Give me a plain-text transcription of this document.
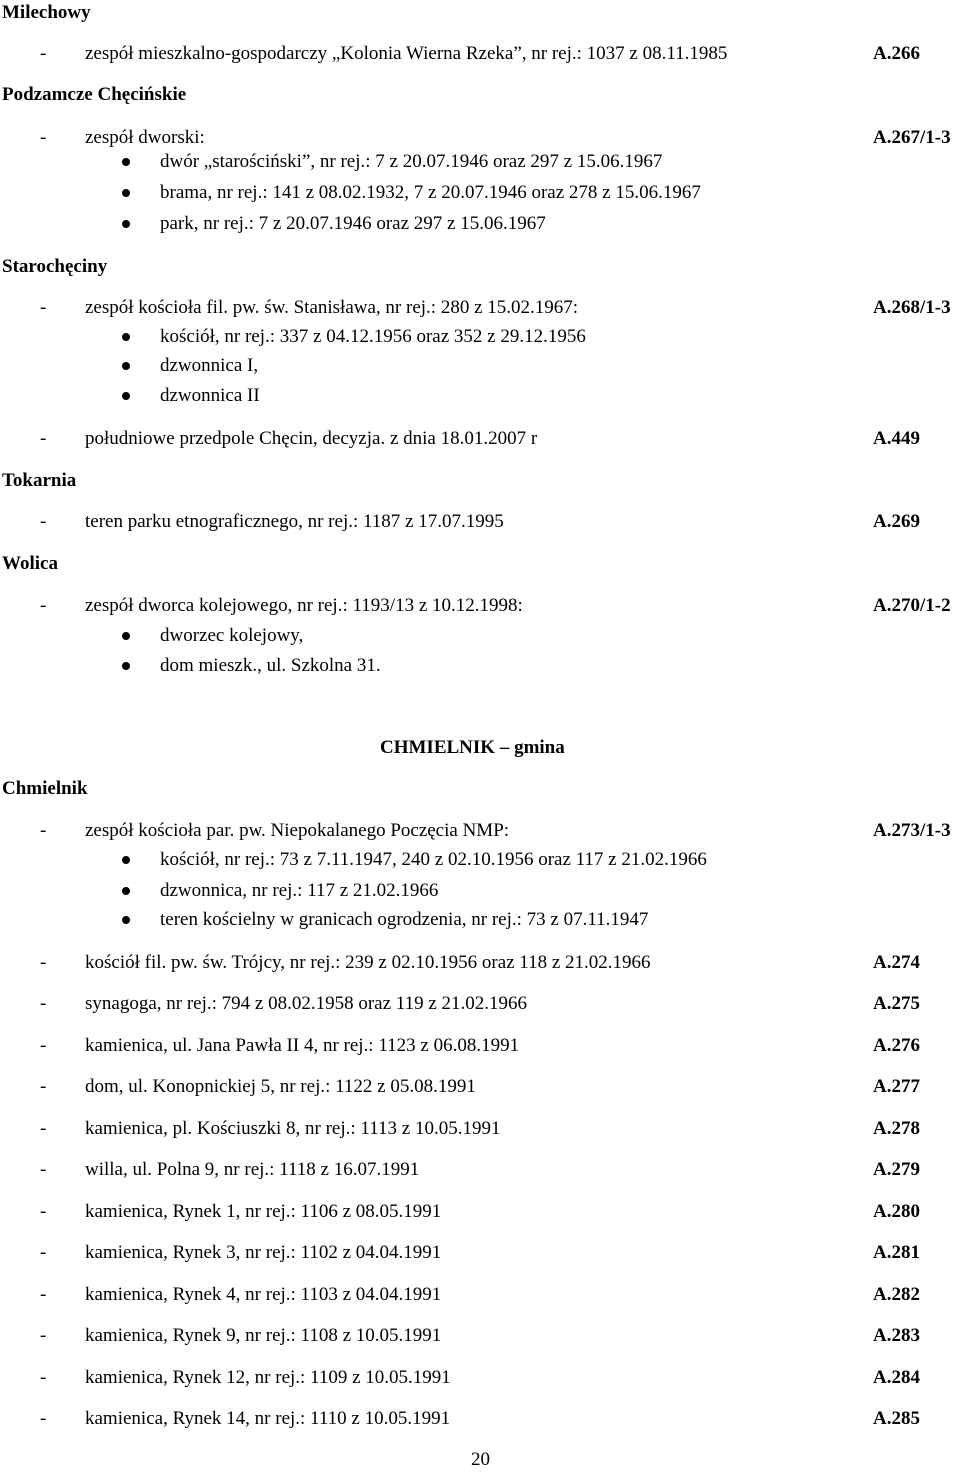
Milechowy
- zespół mieszkalno-gospodarczy „Kolonia Wierna Rzeka”, nr rej.: 1037 z 08.11.1985	A.266
Podzamcze Chęcińskie
- zespół dworski:	A.267/1-3
dwór „starościński”, nr rej.: 7 z 20.07.1946 oraz 297 z 15.06.1967
brama, nr rej.: 141 z 08.02.1932, 7 z 20.07.1946 oraz 278 z 15.06.1967
park, nr rej.: 7 z 20.07.1946 oraz 297 z 15.06.1967
Starochęciny
- zespół kościoła fil. pw. św. Stanisława, nr rej.: 280 z 15.02.1967:	A.268/1-3
kościół, nr rej.: 337 z 04.12.1956 oraz 352 z 29.12.1956
dzwonnica I,
dzwonnica II
- południowe przedpole Chęcin, decyzja. z dnia 18.01.2007 r	A.449
Tokarnia
- teren parku etnograficznego, nr rej.: 1187 z 17.07.1995	A.269
Wolica
- zespół dworca kolejowego, nr rej.: 1193/13 z 10.12.1998:	A.270/1-2
dworzec kolejowy,
dom mieszk., ul. Szkolna 31.
CHMIELNIK – gmina
Chmielnik
- zespół kościoła par. pw. Niepokalanego Poczęcia NMP:	A.273/1-3
kościół, nr rej.: 73 z 7.11.1947, 240 z 02.10.1956 oraz 117 z 21.02.1966
dzwonnica, nr rej.: 117 z 21.02.1966
teren kościelny w granicach ogrodzenia, nr rej.: 73 z 07.11.1947
- kościół fil. pw. św. Trójcy, nr rej.: 239 z 02.10.1956 oraz 118 z 21.02.1966	A.274
- synagoga, nr rej.: 794 z 08.02.1958 oraz 119 z 21.02.1966	A.275
- kamienica, ul. Jana Pawła II 4, nr rej.: 1123 z 06.08.1991	A.276
- dom, ul. Konopnickiej 5, nr rej.: 1122 z 05.08.1991	A.277
- kamienica, pl. Kościuszki 8, nr rej.: 1113 z 10.05.1991	A.278
- willa, ul. Polna 9, nr rej.: 1118 z 16.07.1991	A.279
- kamienica, Rynek 1, nr rej.: 1106 z 08.05.1991	A.280
- kamienica, Rynek 3, nr rej.: 1102 z 04.04.1991	A.281
- kamienica, Rynek 4, nr rej.: 1103 z 04.04.1991	A.282
- kamienica, Rynek 9, nr rej.: 1108 z 10.05.1991	A.283
- kamienica, Rynek 12, nr rej.: 1109 z 10.05.1991	A.284
- kamienica, Rynek 14, nr rej.: 1110 z 10.05.1991	A.285
20
